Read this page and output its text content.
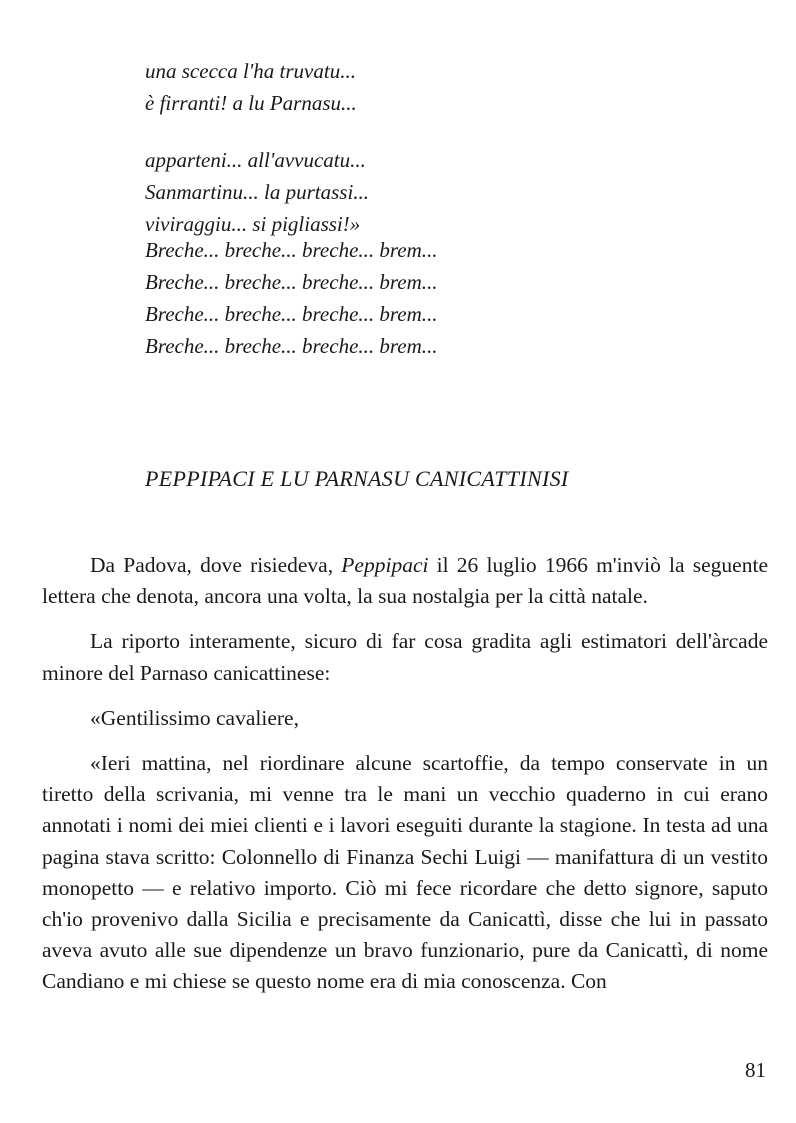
una scecca l'ha truvatu...
è firranti! a lu Parnasu...
apparteni... all'avvucatu...
Sanmartinu... la purtassi...
viviraggiu... si pigliassi!»
Breche... breche... breche... brem...
Breche... breche... breche... brem...
Breche... breche... breche... brem...
Breche... breche... breche... brem...
PEPPIPACI E LU PARNASU CANICATTINISI

Da Padova, dove risiedeva, Peppipaci il 26 luglio 1966 m'inviò la seguente lettera che denota, ancora una volta, la sua nostalgia per la città natale.

La riporto interamente, sicuro di far cosa gradita agli estimatori dell'àrcade minore del Parnaso canicattinese:

«Gentilissimo cavaliere,

«Ieri mattina, nel riordinare alcune scartoffie, da tempo conservate in un tiretto della scrivania, mi venne tra le mani un vecchio quaderno in cui erano annotati i nomi dei miei clienti e i lavori eseguiti durante la stagione. In testa ad una pagina stava scritto: Colonnello di Finanza Sechi Luigi — manifattura di un vestito monopetto — e relativo importo. Ciò mi fece ricordare che detto signore, saputo ch'io provenivo dalla Sicilia e precisamente da Canicattì, disse che lui in passato aveva avuto alle sue dipendenze un bravo funzionario, pure da Canicattì, di nome Candiano e mi chiese se questo nome era di mia conoscenza. Con

81
